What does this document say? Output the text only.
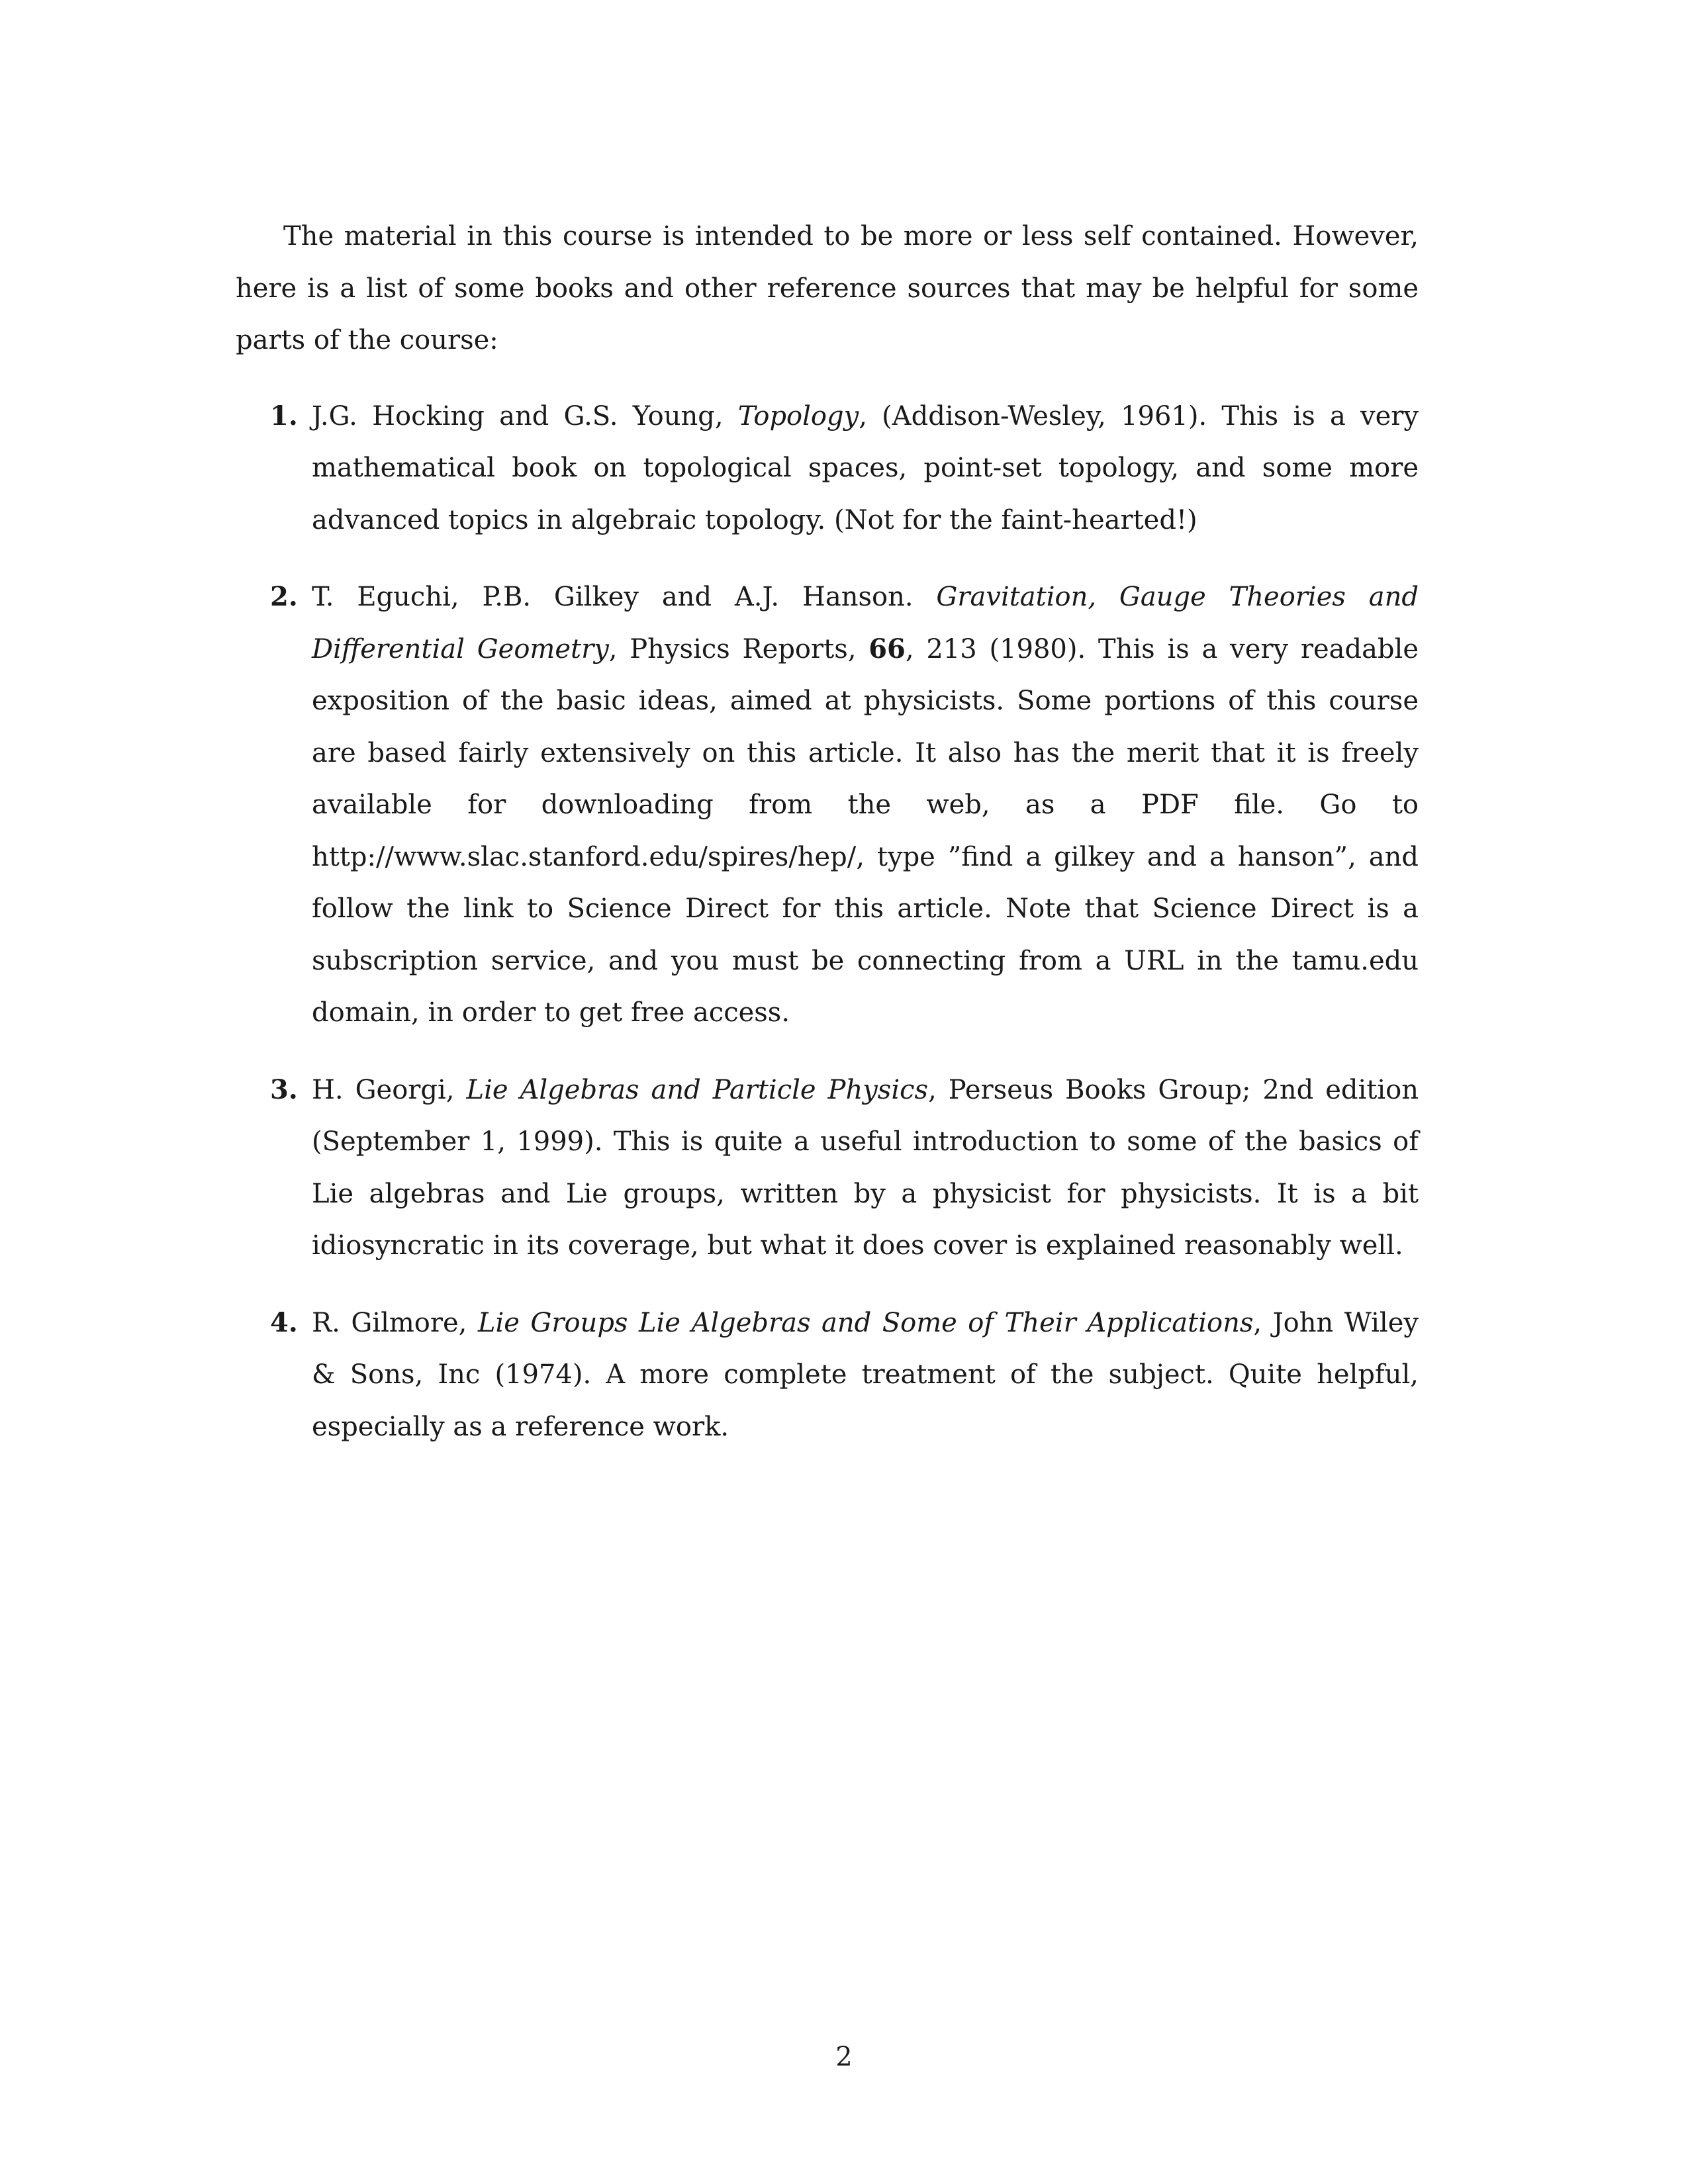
The material in this course is intended to be more or less self contained. However, here is a list of some books and other reference sources that may be helpful for some parts of the course:

1. J.G. Hocking and G.S. Young, Topology, (Addison-Wesley, 1961). This is a very mathematical book on topological spaces, point-set topology, and some more advanced topics in algebraic topology. (Not for the faint-hearted!)
2. T. Eguchi, P.B. Gilkey and A.J. Hanson. Gravitation, Gauge Theories and Differential Geometry, Physics Reports, 66, 213 (1980). This is a very readable exposition of the basic ideas, aimed at physicists. Some portions of this course are based fairly extensively on this article. It also has the merit that it is freely available for downloading from the web, as a PDF file. Go to http://www.slac.stanford.edu/spires/hep/, type ”find a gilkey and a hanson”, and follow the link to Science Direct for this article. Note that Science Direct is a subscription service, and you must be connecting from a URL in the tamu.edu domain, in order to get free access.
3. H. Georgi, Lie Algebras and Particle Physics, Perseus Books Group; 2nd edition (September 1, 1999). This is quite a useful introduction to some of the basics of Lie algebras and Lie groups, written by a physicist for physicists. It is a bit idiosyncratic in its coverage, but what it does cover is explained reasonably well.
4. R. Gilmore, Lie Groups Lie Algebras and Some of Their Applications, John Wiley & Sons, Inc (1974). A more complete treatment of the subject. Quite helpful, especially as a reference work.
2
